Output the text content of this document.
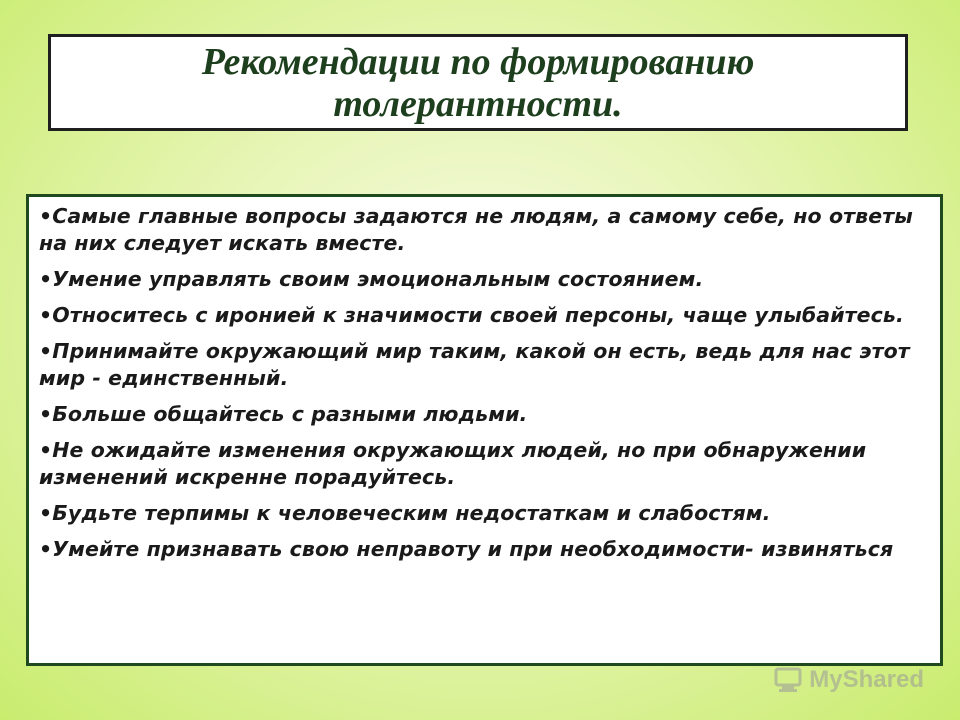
Рекомендации по формированию
толерантности.
•Самые главные вопросы задаются не людям, а самому себе, но ответы на них следует искать вместе.
•Умение управлять своим эмоциональным состоянием.
•Относитесь с иронией к значимости своей персоны, чаще улыбайтесь.
•Принимайте окружающий мир таким, какой он есть, ведь для нас этот мир - единственный.
•Больше общайтесь с разными людьми.
•Не ожидайте изменения окружающих людей, но при обнаружении изменений искренне порадуйтесь.
•Будьте терпимы к человеческим недостаткам и слабостям.
•Умейте признавать свою неправоту и при необходимости- извиняться
MyShared
